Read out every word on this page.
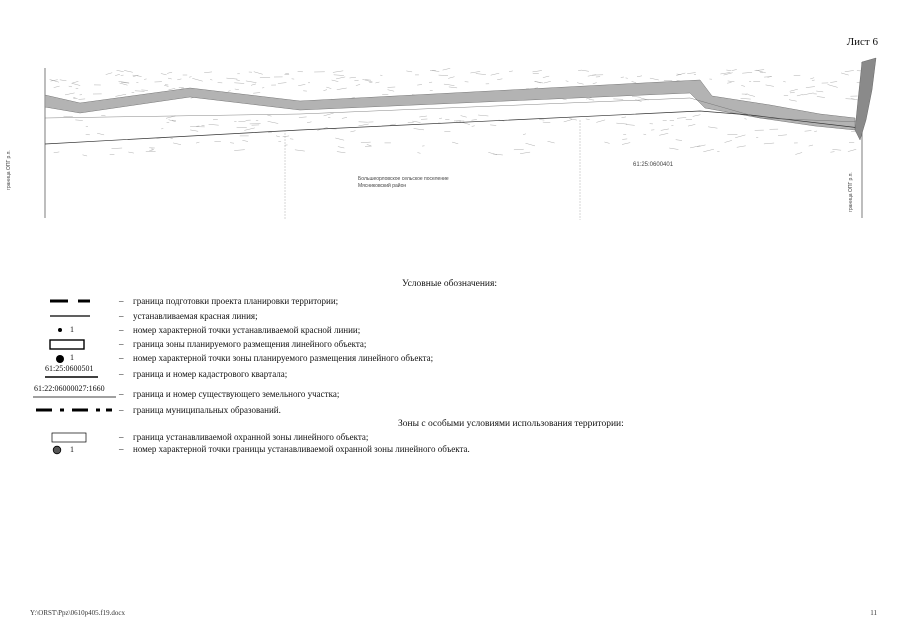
Лист 6
61:25:0600401
Большеорловское сельское поселение
Мясниковский район
граница ОПГ р.п.
граница ОПГ р.п.
Условные обозначения:
– граница подготовки проекта планировки территории;
– устанавливаемая красная линия;
1	– номер характерной точки устанавливаемой красной линии;
– граница зоны планируемого размещения линейного объекта;
1	– номер характерной точки зоны планируемого размещения линейного объекта;
61:25:0600501
– граница и номер кадастрового квартала;
61:22:06000027:1660
– граница и номер существующего земельного участка;
– граница муниципальных образований.
Зоны с особыми условиями использования территории:
– граница устанавливаемой охранной зоны линейного объекта;
1	– номер характерной точки границы устанавливаемой охранной зоны линейного объекта.
Y:\ORST\Ppz\0610p405.f19.docx	11
